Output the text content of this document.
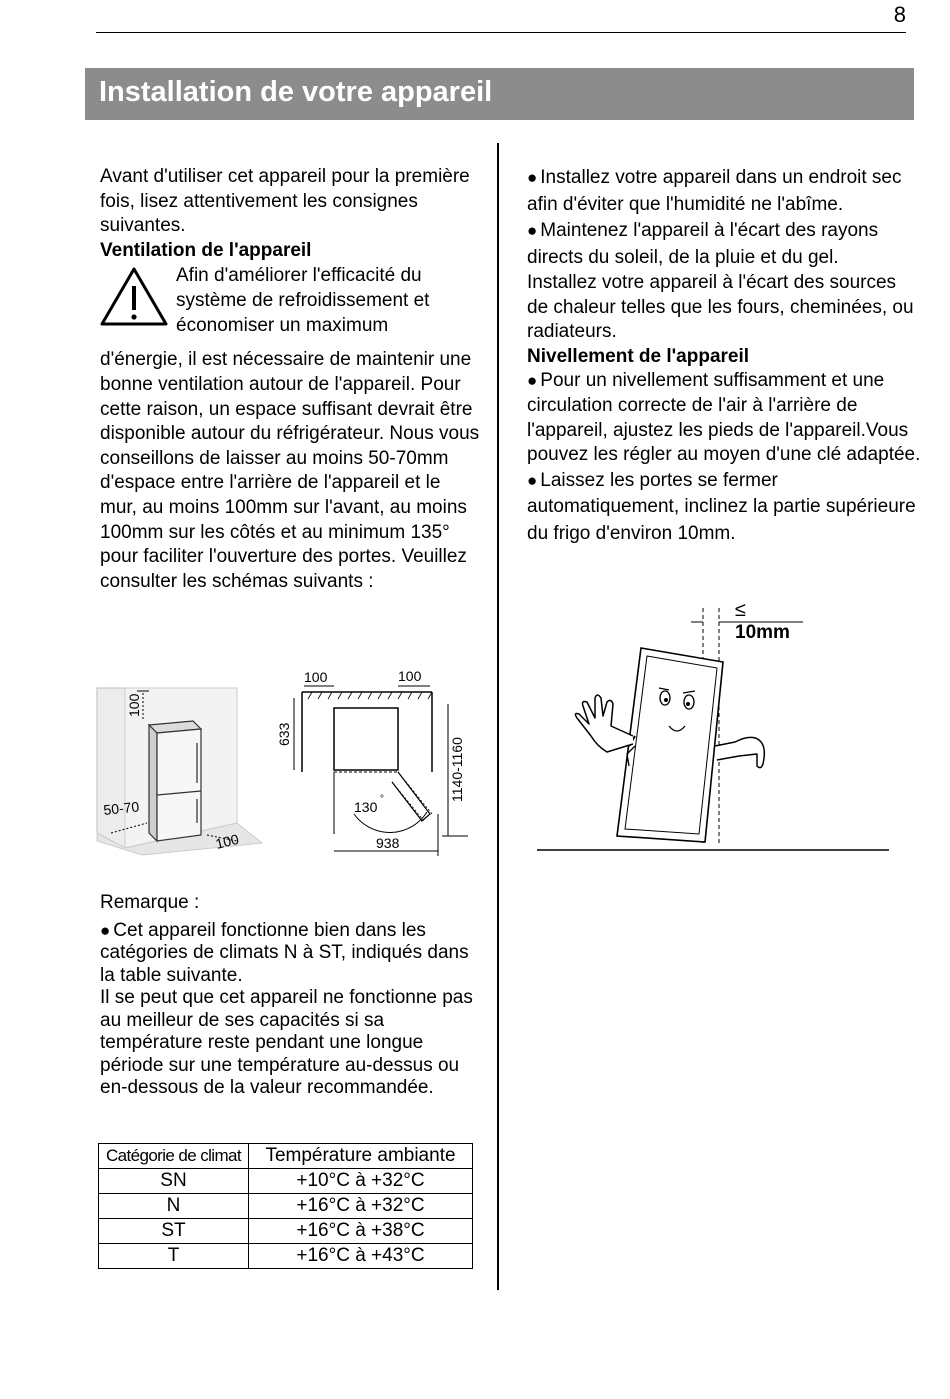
8
Installation de votre appareil

Avant d'utiliser cet appareil pour la première fois, lisez attentivement les consignes suivantes.

Ventilation de l'appareil

Afin d'améliorer l'efficacité du système de refroidissement et économiser un maximum

d'énergie, il est nécessaire de maintenir une bonne ventilation autour de l'appareil. Pour cette raison, un espace suffisant devrait être disponible autour du réfrigérateur. Nous vous conseillons de laisser au moins 50-70mm d'espace entre l'arrière de l'appareil et le mur, au moins 100mm sur l'avant, au moins 100mm sur les côtés et au minimum 135° pour faciliter l'ouverture des portes. Veuillez consulter les schémas suivants :

100
50-70
100
100	100
633
130 °
938
1140-1160

● Installez votre appareil dans un endroit sec afin d'éviter que l'humidité ne l'abîme.

● Maintenez l'appareil à l'écart des rayons directs du soleil, de la pluie et du gel.

Installez votre appareil à l'écart des sources de chaleur telles que les fours, cheminées, ou radiateurs.

Nivellement de l'appareil

● Pour un nivellement suffisamment et une circulation correcte de l'air à l'arrière de l'appareil, ajustez les pieds de l'appareil.Vous pouvez les régler au moyen d'une clé adaptée.

● Laissez les portes se fermer automatiquement, inclinez la partie supérieure du frigo d'environ 10mm.

≤
10mm

Remarque :

● Cet appareil fonctionne bien dans les catégories de climats N à ST, indiqués dans la table suivante.

Il se peut que cet appareil ne fonctionne pas au meilleur de ses capacités si sa température reste pendant une longue période sur une température au-dessus ou en-dessous de la valeur recommandée.

Catégorie de climat	Température ambiante
SN	+10°C à +32°C
N	+16°C à +32°C
ST	+16°C à +38°C
T	+16°C à +43°C
